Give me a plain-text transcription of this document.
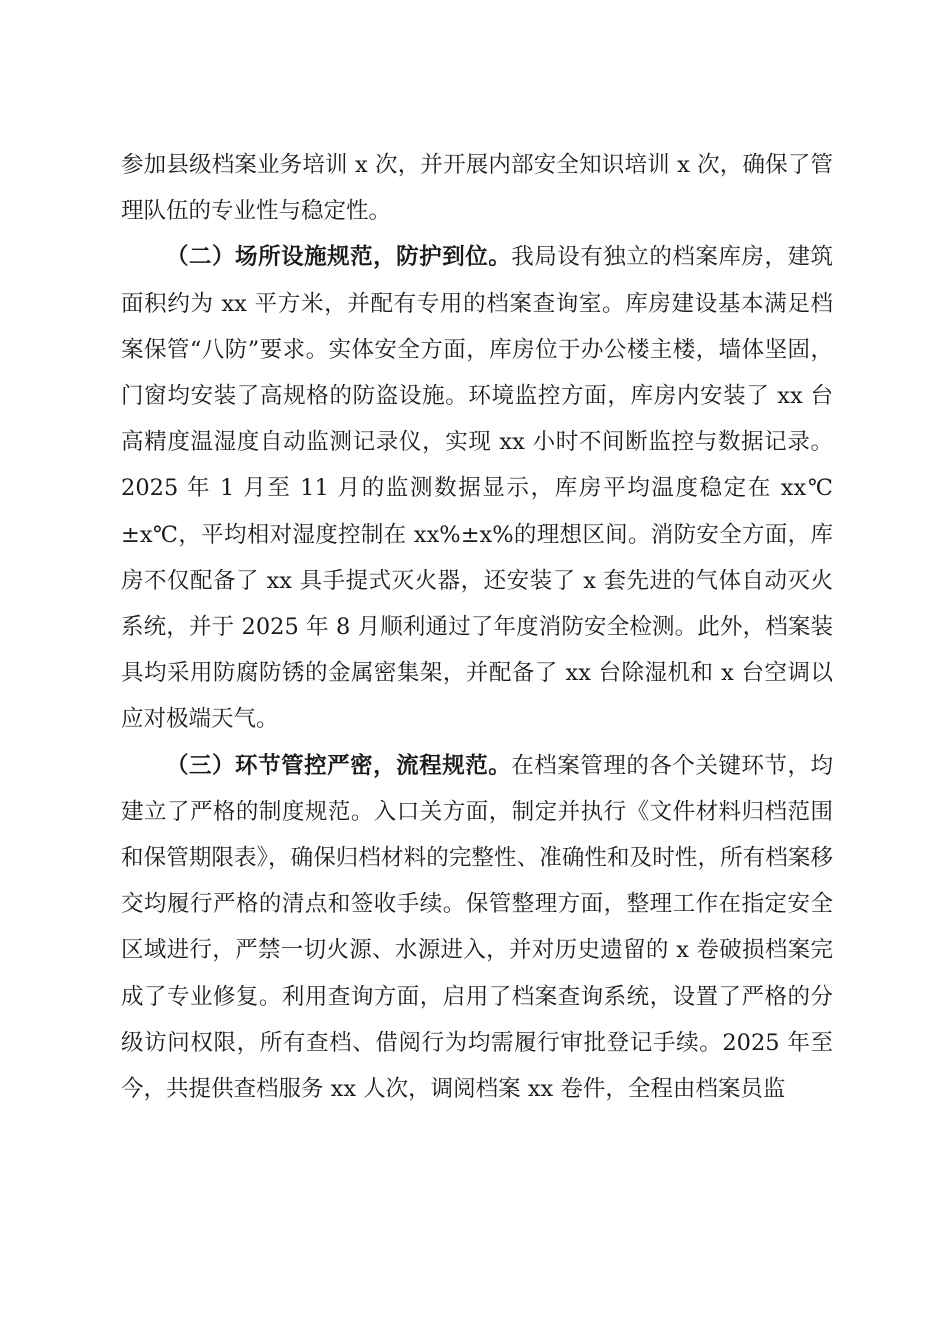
参加县级档案业务培训 x 次，并开展内部安全知识培训 x 次，确保了管理队伍的专业性与稳定性。

（二）场所设施规范，防护到位。我局设有独立的档案库房，建筑面积约为 xx 平方米，并配有专用的档案查询室。库房建设基本满足档案保管“八防”要求。实体安全方面，库房位于办公楼主楼，墙体坚固，门窗均安装了高规格的防盗设施。环境监控方面，库房内安装了 xx 台高精度温湿度自动监测记录仪，实现 xx 小时不间断监控与数据记录。2025 年 1 月至 11 月的监测数据显示，库房平均温度稳定在 xx℃±x℃，平均相对湿度控制在 xx%±x%的理想区间。消防安全方面，库房不仅配备了 xx 具手提式灭火器，还安装了 x 套先进的气体自动灭火系统，并于 2025 年 8 月顺利通过了年度消防安全检测。此外，档案装具均采用防腐防锈的金属密集架，并配备了 xx 台除湿机和 x 台空调以应对极端天气。

（三）环节管控严密，流程规范。在档案管理的各个关键环节，均建立了严格的制度规范。入口关方面，制定并执行《文件材料归档范围和保管期限表》，确保归档材料的完整性、准确性和及时性，所有档案移交均履行严格的清点和签收手续。保管整理方面，整理工作在指定安全区域进行，严禁一切火源、水源进入，并对历史遗留的 x 卷破损档案完成了专业修复。利用查询方面，启用了档案查询系统，设置了严格的分级访问权限，所有查档、借阅行为均需履行审批登记手续。2025 年至今，共提供查档服务 xx 人次，调阅档案 xx 卷件，全程由档案员监
